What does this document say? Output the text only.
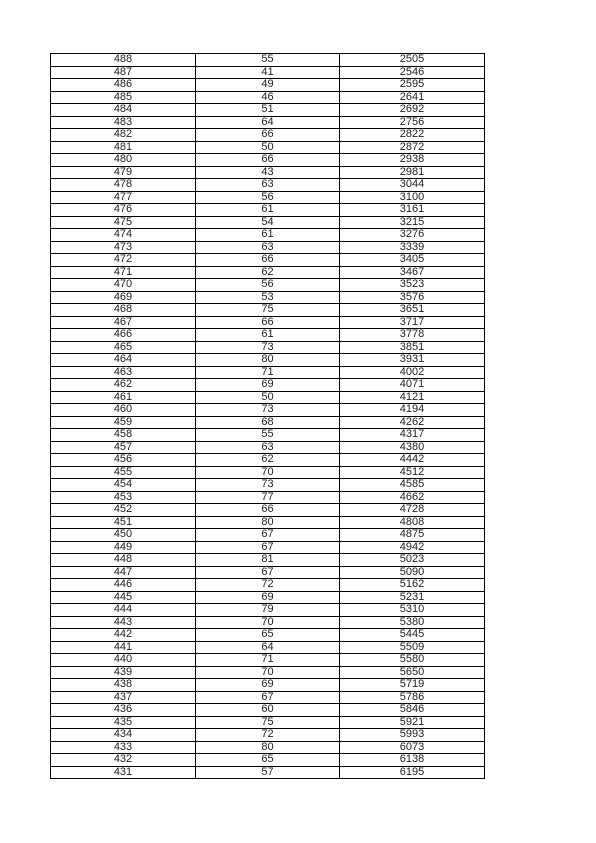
488	55	2505
487	41	2546
486	49	2595
485	46	2641
484	51	2692
483	64	2756
482	66	2822
481	50	2872
480	66	2938
479	43	2981
478	63	3044
477	56	3100
476	61	3161
475	54	3215
474	61	3276
473	63	3339
472	66	3405
471	62	3467
470	56	3523
469	53	3576
468	75	3651
467	66	3717
466	61	3778
465	73	3851
464	80	3931
463	71	4002
462	69	4071
461	50	4121
460	73	4194
459	68	4262
458	55	4317
457	63	4380
456	62	4442
455	70	4512
454	73	4585
453	77	4662
452	66	4728
451	80	4808
450	67	4875
449	67	4942
448	81	5023
447	67	5090
446	72	5162
445	69	5231
444	79	5310
443	70	5380
442	65	5445
441	64	5509
440	71	5580
439	70	5650
438	69	5719
437	67	5786
436	60	5846
435	75	5921
434	72	5993
433	80	6073
432	65	6138
431	57	6195
